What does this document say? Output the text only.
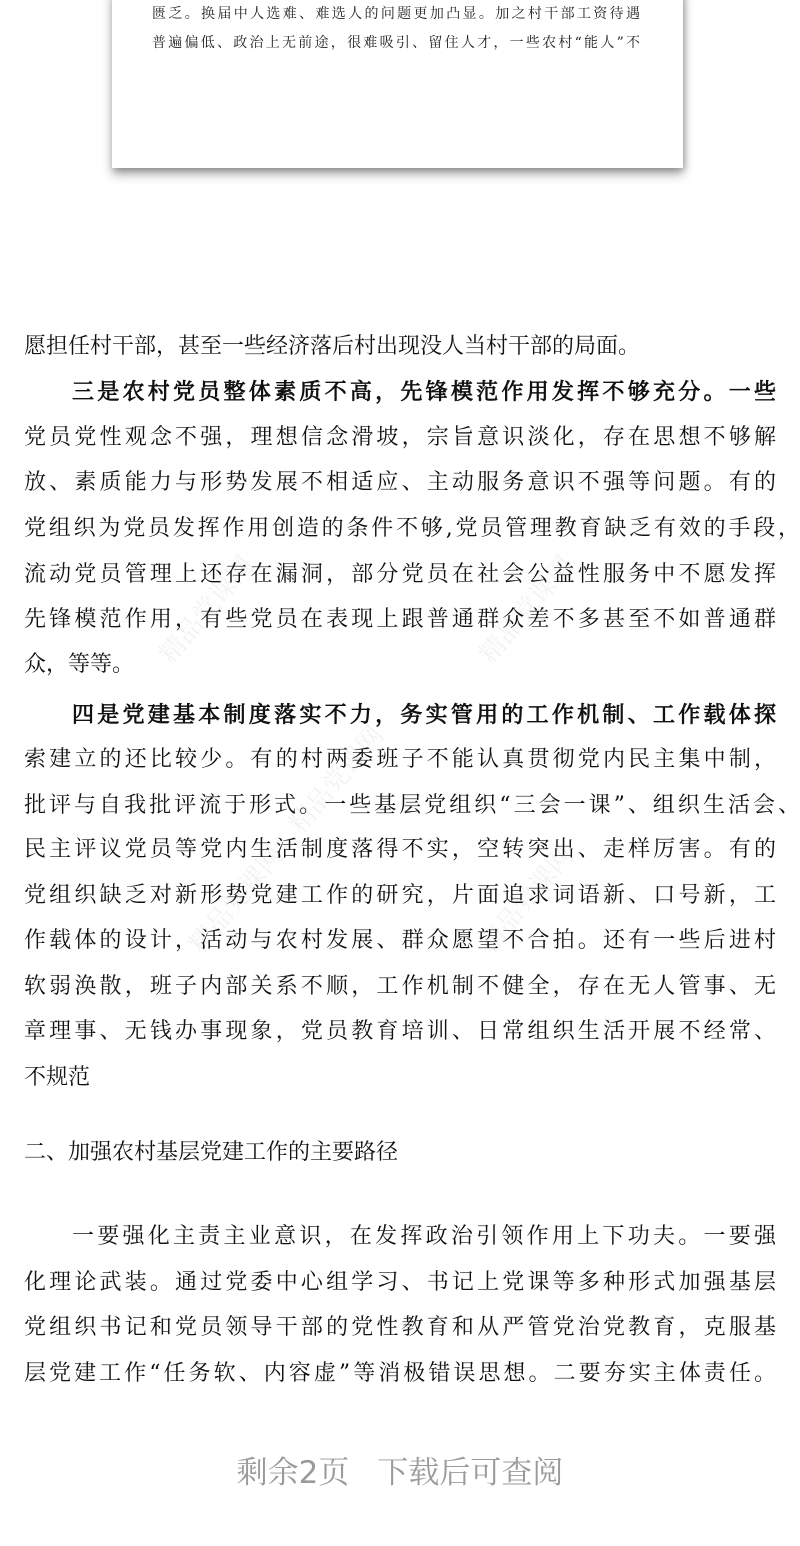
匮乏。换届中人选难、难选人的问题更加凸显。加之村干部工资待遇
普遍偏低、政治上无前途，很难吸引、留住人才，一些农村“能人”不
精品党课网	精品党课网
精品党课网
精品党课网	精品党课网
愿担任村干部，甚至一些经济落后村出现没人当村干部的局面。
三是农村党员整体素质不高，先锋模范作用发挥不够充分。一些
党员党性观念不强，理想信念滑坡，宗旨意识淡化，存在思想不够解
放、素质能力与形势发展不相适应、主动服务意识不强等问题。有的
党组织为党员发挥作用创造的条件不够,党员管理教育缺乏有效的手段，
流动党员管理上还存在漏洞，部分党员在社会公益性服务中不愿发挥
先锋模范作用，有些党员在表现上跟普通群众差不多甚至不如普通群
众，等等。
四是党建基本制度落实不力，务实管用的工作机制、工作载体探
索建立的还比较少。有的村两委班子不能认真贯彻党内民主集中制，
批评与自我批评流于形式。一些基层党组织“三会一课”、组织生活会、
民主评议党员等党内生活制度落得不实，空转突出、走样厉害。有的
党组织缺乏对新形势党建工作的研究，片面追求词语新、口号新，工
作载体的设计，活动与农村发展、群众愿望不合拍。还有一些后进村
软弱涣散，班子内部关系不顺，工作机制不健全，存在无人管事、无
章理事、无钱办事现象，党员教育培训、日常组织生活开展不经常、
不规范
二、加强农村基层党建工作的主要路径
一要强化主责主业意识，在发挥政治引领作用上下功夫。一要强
化理论武装。通过党委中心组学习、书记上党课等多种形式加强基层
党组织书记和党员领导干部的党性教育和从严管党治党教育，克服基
层党建工作“任务软、内容虚”等消极错误思想。二要夯实主体责任。
剩余2页 下载后可查阅
